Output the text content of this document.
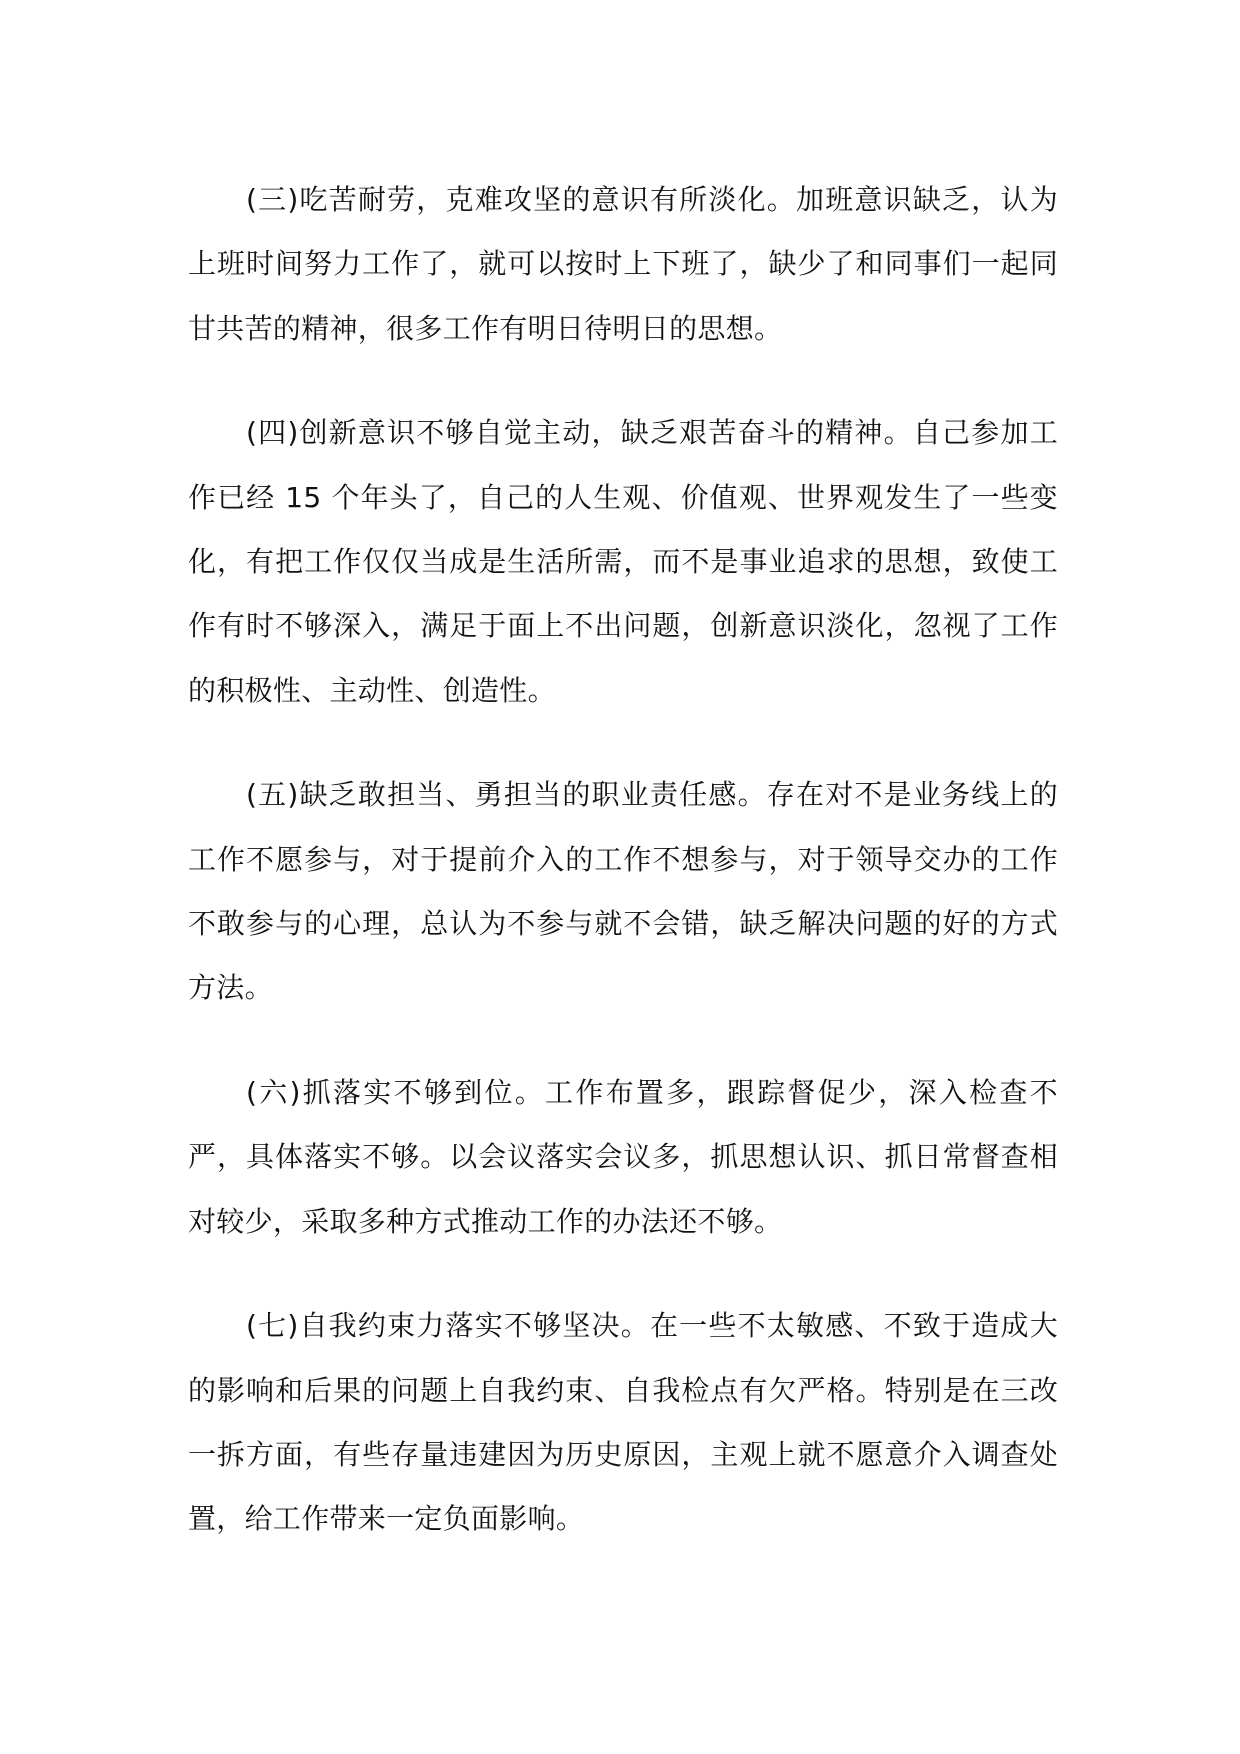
(三)吃苦耐劳，克难攻坚的意识有所淡化。加班意识缺乏，认为上班时间努力工作了，就可以按时上下班了，缺少了和同事们一起同甘共苦的精神，很多工作有明日待明日的思想。

(四)创新意识不够自觉主动，缺乏艰苦奋斗的精神。自己参加工作已经 15 个年头了，自己的人生观、价值观、世界观发生了一些变化，有把工作仅仅当成是生活所需，而不是事业追求的思想，致使工作有时不够深入，满足于面上不出问题，创新意识淡化，忽视了工作的积极性、主动性、创造性。

(五)缺乏敢担当、勇担当的职业责任感。存在对不是业务线上的工作不愿参与，对于提前介入的工作不想参与，对于领导交办的工作不敢参与的心理，总认为不参与就不会错，缺乏解决问题的好的方式方法。

(六)抓落实不够到位。工作布置多，跟踪督促少，深入检查不严，具体落实不够。以会议落实会议多，抓思想认识、抓日常督查相对较少，采取多种方式推动工作的办法还不够。

(七)自我约束力落实不够坚决。在一些不太敏感、不致于造成大的影响和后果的问题上自我约束、自我检点有欠严格。特别是在三改一拆方面，有些存量违建因为历史原因，主观上就不愿意介入调查处置，给工作带来一定负面影响。
